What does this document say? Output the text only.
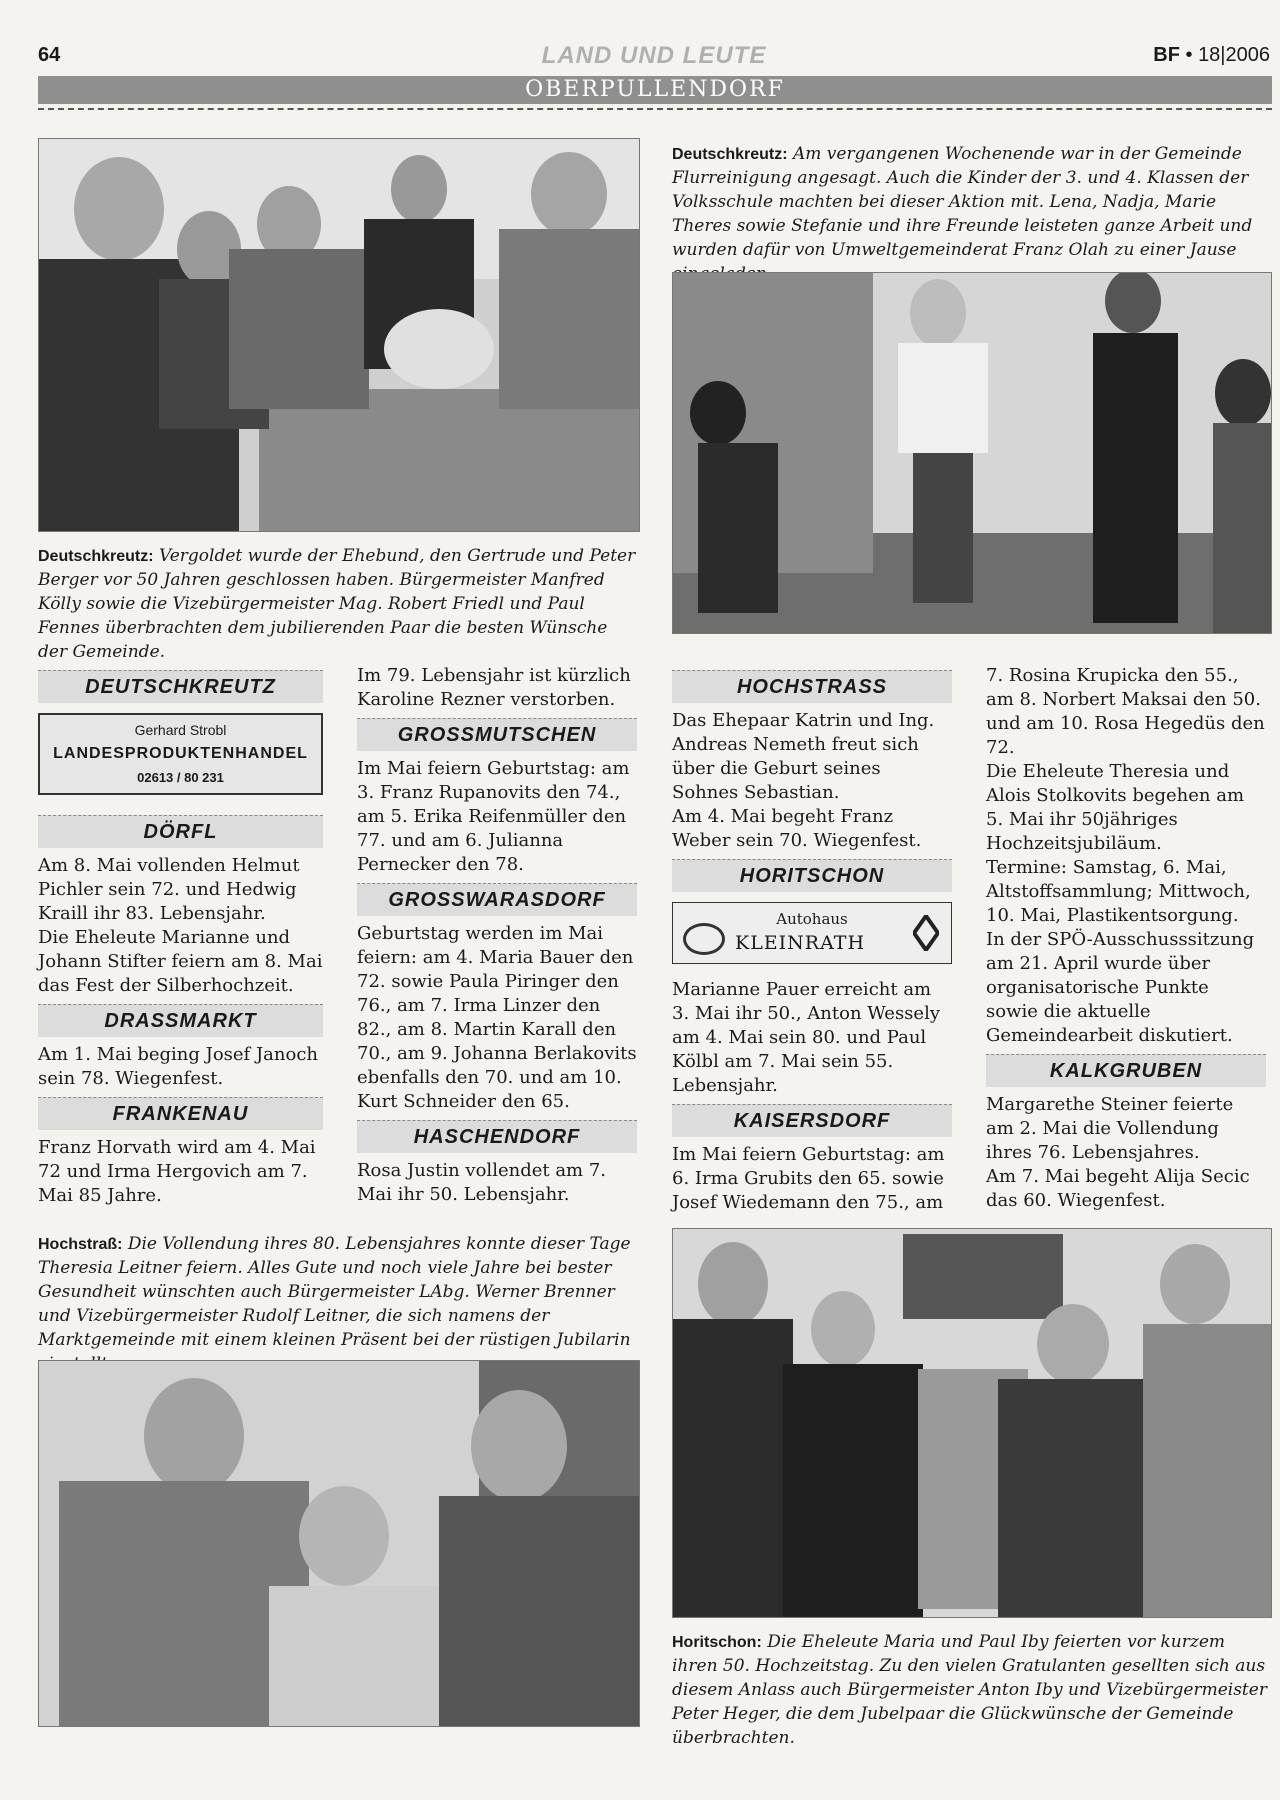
64	LAND UND LEUTE	BF • 18|2006
OBERPULLENDORF
Deutschkreutz: Vergoldet wurde der Ehebund, den Gertrude und Peter Berger vor 50 Jahren geschlossen haben. Bürgermeister Manfred Kölly sowie die Vizebürgermeister Mag. Robert Friedl und Paul Fennes überbrachten dem jubilierenden Paar die besten Wünsche der Gemeinde.
Deutschkreutz: Am vergangenen Wochenende war in der Gemeinde Flurreinigung angesagt. Auch die Kinder der 3. und 4. Klassen der Volksschule machten bei dieser Aktion mit. Lena, Nadja, Marie Theres sowie Stefanie und ihre Freunde leisteten ganze Arbeit und wurden dafür von Umweltgemeinderat Franz Olah zu einer Jause
DEUTSCHKREUTZ
Gerhard Strobl
LANDESPRODUKTENHANDEL
02613 / 80 231
DÖRFL

Am 8. Mai vollenden Helmut Pichler sein 72. und Hedwig Kraill ihr 83. Lebensjahr.

Die Eheleute Marianne und Johann Stifter feiern am 8. Mai das Fest der Silberhochzeit.

DRASSMARKT

Am 1. Mai beging Josef Janoch sein 78. Wiegenfest.

FRANKENAU

Franz Horvath wird am 4. Mai 72 und Irma Hergovich am 7. Mai 85 Jahre.

Im 79. Lebensjahr ist kürzlich Karoline Rezner verstorben.

GROSSMUTSCHEN

Im Mai feiern Geburtstag: am 3. Franz Rupanovits den 74., am 5. Erika Reifenmüller den 77. und am 6. Julianna Pernecker den 78.

GROSSWARASDORF

Geburtstag werden im Mai feiern: am 4. Maria Bauer den 72. sowie Paula Piringer den 76., am 7. Irma Linzer den 82., am 8. Martin Karall den 70., am 9. Johanna Berlakovits ebenfalls den 70. und am 10. Kurt Schneider den 65.

HASCHENDORF

Rosa Justin vollendet am 7. Mai ihr 50. Lebensjahr.

HOCHSTRASS

Das Ehepaar Katrin und Ing. Andreas Nemeth freut sich über die Geburt seines Sohnes Sebastian.

Am 4. Mai begeht Franz Weber sein 70. Wiegenfest.

HORITSCHON
Autohaus
KLEINRATH

Marianne Pauer erreicht am 3. Mai ihr 50., Anton Wessely am 4. Mai sein 80. und Paul Kölbl am 7. Mai sein 55. Lebensjahr.

KAISERSDORF

Im Mai feiern Geburtstag: am 6. Irma Grubits den 65. sowie Josef Wiedemann den 75., am

7. Rosina Krupicka den 55., am 8. Norbert Maksai den 50. und am 10. Rosa Hegedüs den 72.

Die Eheleute Theresia und Alois Stolkovits begehen am 5. Mai ihr 50jähriges Hochzeitsjubiläum.

Termine: Samstag, 6. Mai, Altstoffsammlung; Mittwoch, 10. Mai, Plastikentsorgung.

In der SPÖ-Ausschusssitzung am 21. April wurde über organisatorische Punkte sowie die aktuelle Gemeindearbeit diskutiert.

KALKGRUBEN

Margarethe Steiner feierte am 2. Mai die Vollendung ihres 76. Lebensjahres.

Am 7. Mai begeht Alija Secic das 60. Wiegenfest.

Hochstraß: Die Vollendung ihres 80. Lebensjahres konnte dieser Tage Theresia Leitner feiern. Alles Gute und noch viele Jahre bei bester Gesundheit wünschten auch Bürgermeister LAbg. Werner Brenner und Vizebürgermeister Rudolf Leitner, die sich namens der Marktgemeinde mit einem kleinen Präsent bei der rüstigen Jubilarin
Horitschon: Die Eheleute Maria und Paul Iby feierten vor kurzem ihren 50. Hochzeitstag. Zu den vielen Gratulanten gesellten sich aus diesem Anlass auch Bürgermeister Anton Iby und Vizebürgermeister Peter Heger, die dem Jubelpaar die Glückwünsche der Gemeinde überbrachten.
